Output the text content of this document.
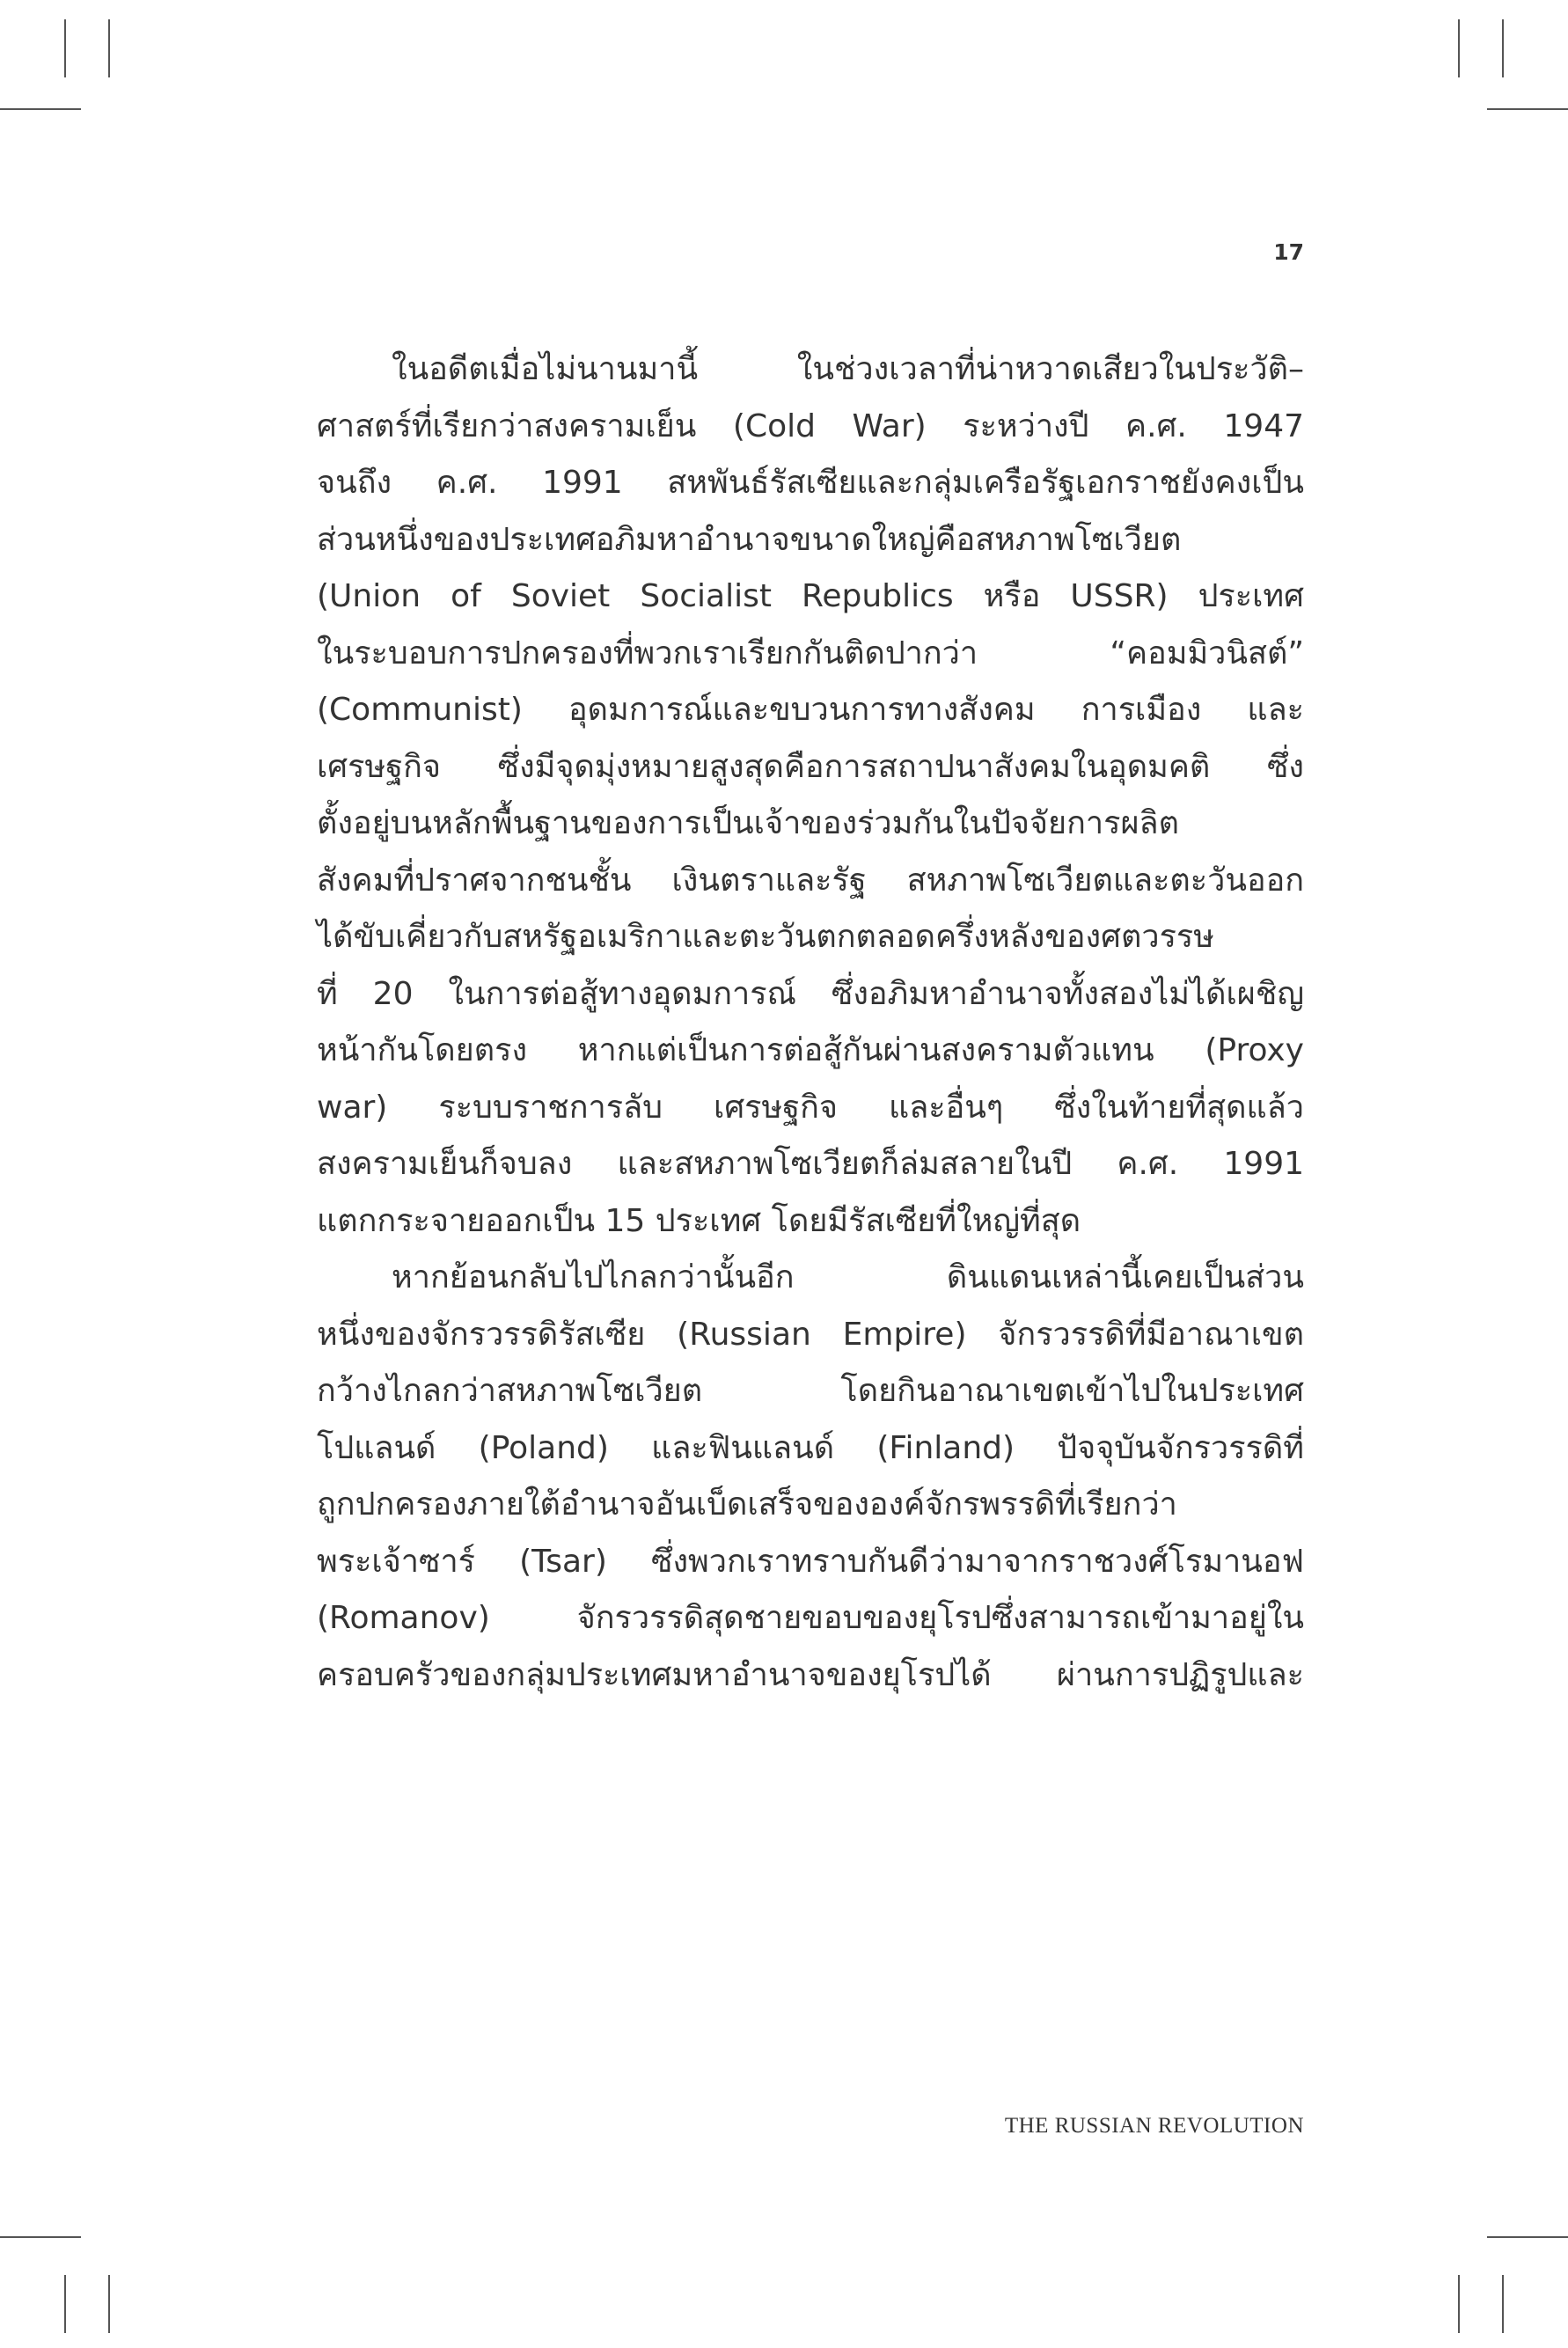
17
ในอดีตเมื่อไม่นานมานี้ ในช่วงเวลาที่น่าหวาดเสียวในประวัติ–
ศาสตร์ที่เรียกว่าสงครามเย็น (Cold War) ระหว่างปี ค.ศ. 1947
จนถึง ค.ศ. 1991 สหพันธ์รัสเซียและกลุ่มเครือรัฐเอกราชยังคงเป็น
ส่วนหนึ่งของประเทศอภิมหาอำนาจขนาดใหญ่คือสหภาพโซเวียต
(Union of Soviet Socialist Republics หรือ USSR) ประเทศ
ในระบอบการปกครองที่พวกเราเรียกกันติดปากว่า “คอมมิวนิสต์”
(Communist) อุดมการณ์และขบวนการทางสังคม การเมือง และ
เศรษฐกิจ ซึ่งมีจุดมุ่งหมายสูงสุดคือการสถาปนาสังคมในอุดมคติ ซึ่ง
ตั้งอยู่บนหลักพื้นฐานของการเป็นเจ้าของร่วมกันในปัจจัยการผลิต
สังคมที่ปราศจากชนชั้น เงินตราและรัฐ สหภาพโซเวียตและตะวันออก
ได้ขับเคี่ยวกับสหรัฐอเมริกาและตะวันตกตลอดครึ่งหลังของศตวรรษ
ที่ 20 ในการต่อสู้ทางอุดมการณ์ ซึ่งอภิมหาอำนาจทั้งสองไม่ได้เผชิญ
หน้ากันโดยตรง หากแต่เป็นการต่อสู้กันผ่านสงครามตัวแทน (Proxy
war) ระบบราชการลับ เศรษฐกิจ และอื่นๆ ซึ่งในท้ายที่สุดแล้ว
สงครามเย็นก็จบลง และสหภาพโซเวียตก็ล่มสลายในปี ค.ศ. 1991
แตกกระจายออกเป็น 15 ประเทศ โดยมีรัสเซียที่ใหญ่ที่สุด
หากย้อนกลับไปไกลกว่านั้นอีก ดินแดนเหล่านี้เคยเป็นส่วน
หนึ่งของจักรวรรดิรัสเซีย (Russian Empire) จักรวรรดิที่มีอาณาเขต
กว้างไกลกว่าสหภาพโซเวียต โดยกินอาณาเขตเข้าไปในประเทศ
โปแลนด์ (Poland) และฟินแลนด์ (Finland) ปัจจุบันจักรวรรดิที่
ถูกปกครองภายใต้อำนาจอันเบ็ดเสร็จขององค์จักรพรรดิที่เรียกว่า
พระเจ้าซาร์ (Tsar) ซึ่งพวกเราทราบกันดีว่ามาจากราชวงศ์โรมานอฟ
(Romanov) จักรวรรดิสุดชายขอบของยุโรปซึ่งสามารถเข้ามาอยู่ใน
ครอบครัวของกลุ่มประเทศมหาอำนาจของยุโรปได้ ผ่านการปฏิรูปและ
THE RUSSIAN REVOLUTION
